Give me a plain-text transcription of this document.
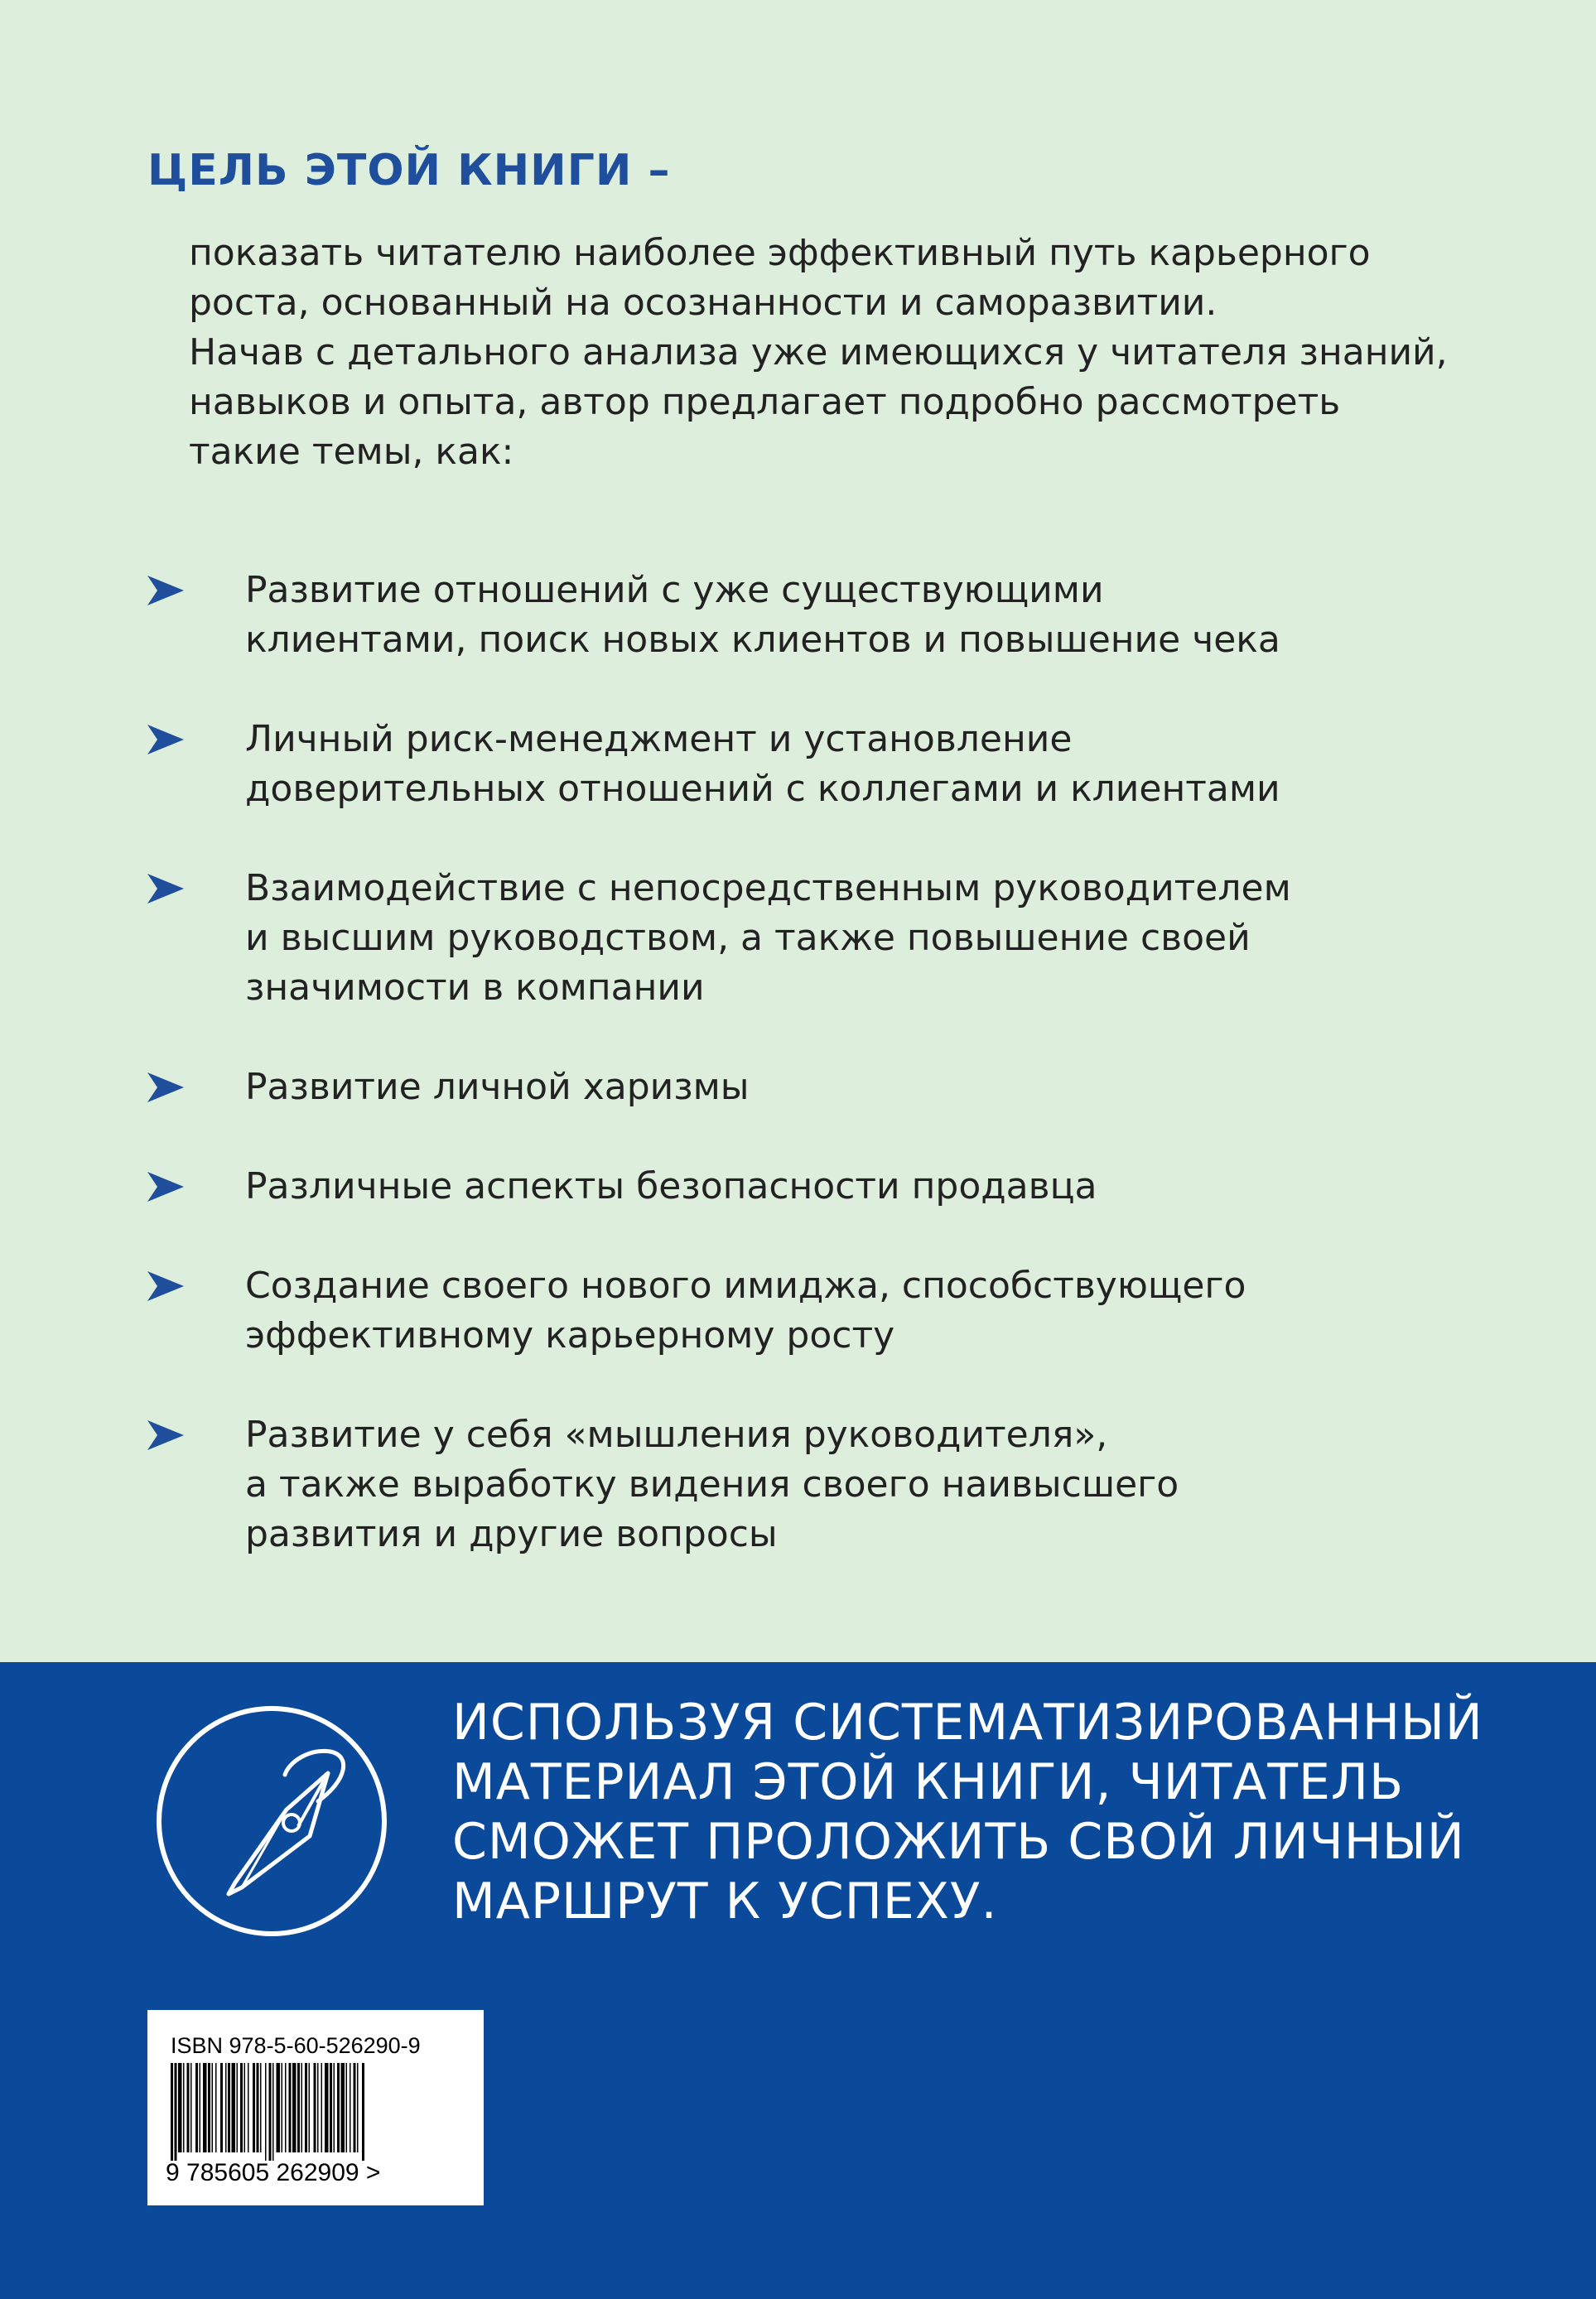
ЦЕЛЬ ЭТОЙ КНИГИ –
показать читателю наиболее эффективный путь карьерного
роста, основанный на осознанности и саморазвитии.
Начав с детального анализа уже имеющихся у читателя знаний,
навыков и опыта, автор предлагает подробно рассмотреть
такие темы, как:
Развитие отношений с уже существующими
клиентами, поиск новых клиентов и повышение чека
Личный риск-менеджмент и установление
доверительных отношений с коллегами и клиентами
Взаимодействие с непосредственным руководителем
и высшим руководством, а также повышение своей
значимости в компании
Развитие личной харизмы
Различные аспекты безопасности продавца
Создание своего нового имиджа, способствующего
эффективному карьерному росту
Развитие у себя «мышления руководителя»,
а также выработку видения своего наивысшего
развития и другие вопросы
ИСПОЛЬЗУЯ СИСТЕМАТИЗИРОВАННЫЙ
МАТЕРИАЛ ЭТОЙ КНИГИ, ЧИТАТЕЛЬ
СМОЖЕТ ПРОЛОЖИТЬ СВОЙ ЛИЧНЫЙ
МАРШРУТ К УСПЕХУ.
ISBN 978-5-60-526290-9
9 785605 262909 >
